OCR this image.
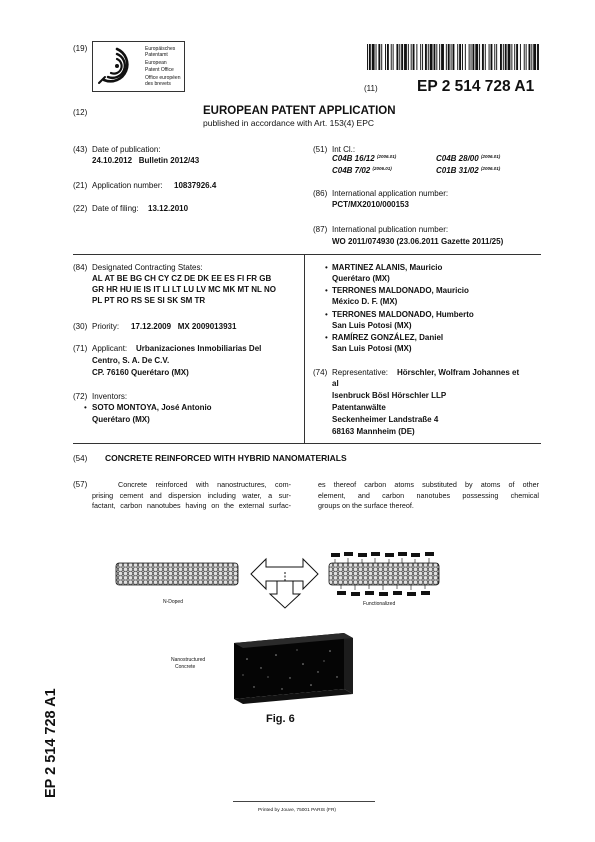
(19)	Europäisches
Patentamt
European
Patent Office
Office européen
des brevets	(11)	EP 2 514 728 A1
(12)	EUROPEAN PATENT APPLICATION
published in accordance with Art. 153(4) EPC
(43) Date of publication:
24.10.2012   Bulletin 2012/43
(21) Application number: 10837926.4
(22) Date of filing: 13.12.2010
(51) Int Cl.:
C04B 16/12 $^{(2006.01)}$	C04B 28/00 $^{(2006.01)}$
C04B 7/02 $^{(2006.01)}$	C01B 31/02 $^{(2006.01)}$
(86) International application number:
PCT/MX2010/000153
(87) International publication number:
WO 2011/074930 (23.06.2011 Gazette 2011/25)
(84) Designated Contracting States:
AL AT BE BG CH CY CZ DE DK EE ES FI FR GB
GR HR HU IE IS IT LI LT LU LV MC MK MT NL NO
PL PT RO RS SE SI SK SM TR
(30) Priority: 17.12.2009   MX 2009013931
(71) Applicant: Urbanizaciones Inmobiliarias Del
Centro, S. A. De C.V.
CP. 76160 Querétaro (MX)
(72) Inventors:
• SOTO MONTOYA, José Antonio
Querétaro (MX)
• MARTINEZ ALANIS, Mauricio
Querétaro (MX)
• TERRONES MALDONADO, Mauricio
México D. F. (MX)
• TERRONES MALDONADO, Humberto
San Luis Potosi (MX)
• RAMÍREZ GONZÁLEZ, Daniel
San Luis Potosi (MX)
(74) Representative: Hörschler, Wolfram Johannes et
al
Isenbruck Bösl Hörschler LLP
Patentanwälte
Seckenheimer Landstraße 4
68163 Mannheim (DE)
(54) CONCRETE REINFORCED WITH HYBRID NANOMATERIALS
(57)	Concrete reinforced with nanostructures, com-
prising cement and dispersion including water, a sur-
factant, carbon nanotubes having on the external surfac-
es thereof carbon atoms substituted by atoms of other
element, and carbon nanotubes possessing chemical
groups on the surface thereof.
N-Doped	Functionalized
Nanostructured
Concrete
Fig. 6
EP 2 514 728 A1
Printed by Jouve, 75001 PARIS (FR)
